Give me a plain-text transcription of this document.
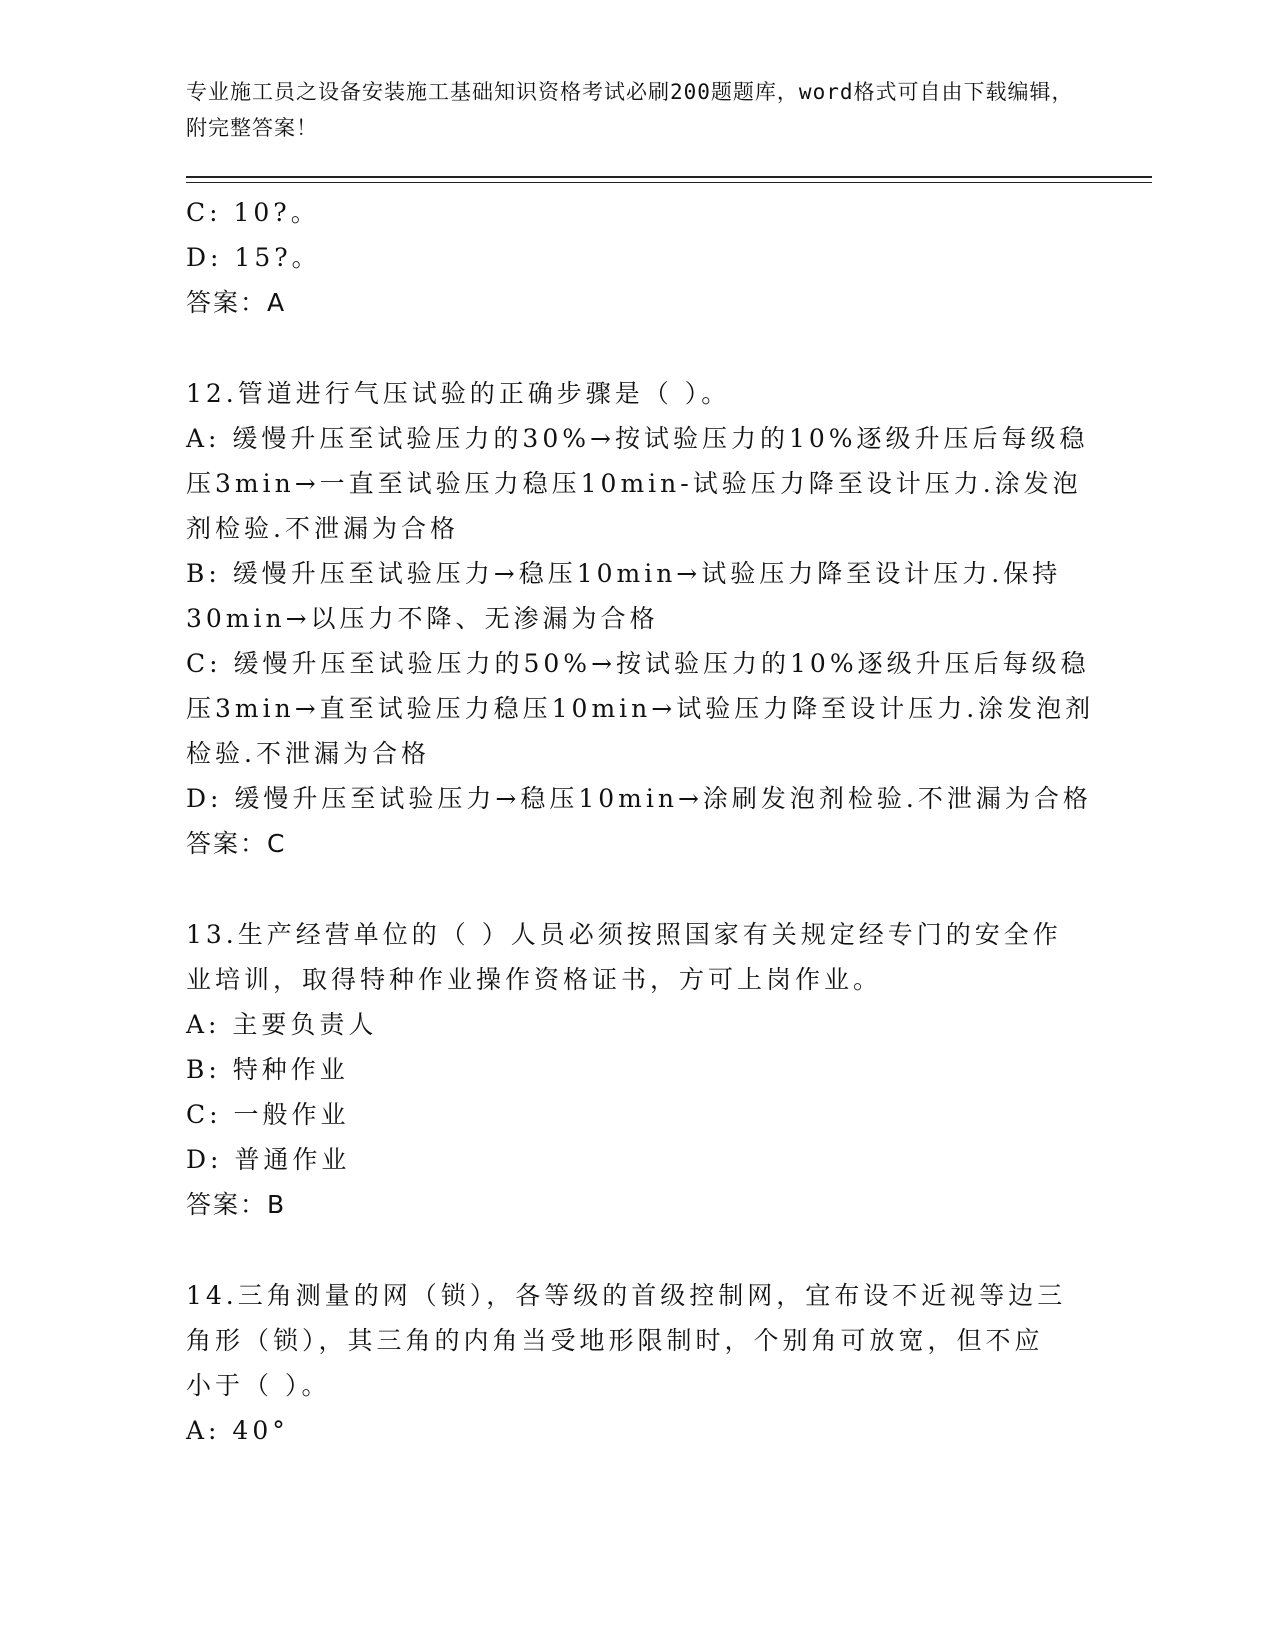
专业施工员之设备安装施工基础知识资格考试必刷200题题库，word格式可自由下载编辑，附完整答案！
C: 10?。
D: 15?。
答案：A
12.管道进行气压试验的正确步骤是（ ）。
A: 缓慢升压至试验压力的30%→按试验压力的10%逐级升压后每级稳
压3min→一直至试验压力稳压10min-试验压力降至设计压力.涂发泡
剂检验.不泄漏为合格
B: 缓慢升压至试验压力→稳压10min→试验压力降至设计压力.保持
30min→以压力不降、无渗漏为合格
C: 缓慢升压至试验压力的50%→按试验压力的10%逐级升压后每级稳
压3min→直至试验压力稳压10min→试验压力降至设计压力.涂发泡剂
检验.不泄漏为合格
D: 缓慢升压至试验压力→稳压10min→涂刷发泡剂检验.不泄漏为合格
答案：C
13.生产经营单位的（ ）人员必须按照国家有关规定经专门的安全作
业培训，取得特种作业操作资格证书，方可上岗作业。
A: 主要负责人
B: 特种作业
C: 一般作业
D: 普通作业
答案：B
14.三角测量的网（锁），各等级的首级控制网，宜布设不近视等边三
角形（锁），其三角的内角当受地形限制时，个别角可放宽，但不应
小于（ ）。
A: 40°
